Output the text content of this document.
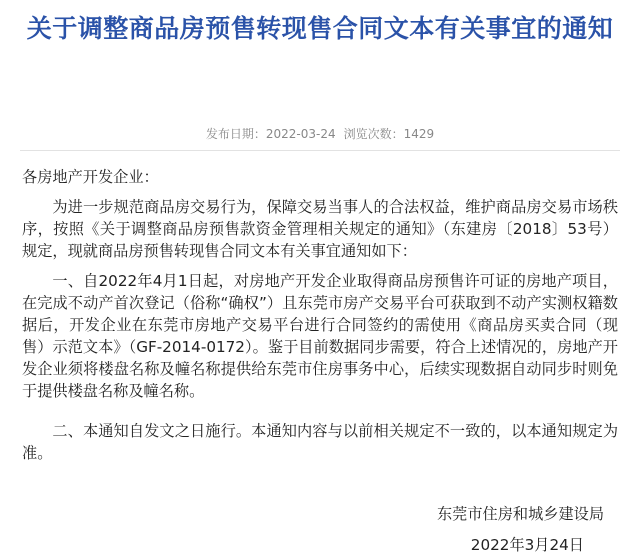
关于调整商品房预售转现售合同文本有关事宜的通知
发布日期：2022-03-24 浏览次数：1429
各房地产开发企业：
为进一步规范商品房交易行为，保障交易当事人的合法权益，维护商品房交易市场秩序，按照《关于调整商品房预售款资金管理相关规定的通知》（东建房〔2018〕53号）规定，现就商品房预售转现售合同文本有关事宜通知如下：
一、自2022年4月1日起，对房地产开发企业取得商品房预售许可证的房地产项目，在完成不动产首次登记（俗称“确权”）且东莞市房产交易平台可获取到不动产实测权籍数据后，开发企业在东莞市房地产交易平台进行合同签约的需使用《商品房买卖合同（现售）示范文本》（GF-2014-0172）。鉴于目前数据同步需要，符合上述情况的，房地产开发企业须将楼盘名称及幢名称提供给东莞市住房事务中心，后续实现数据自动同步时则免于提供楼盘名称及幢名称。
二、本通知自发文之日施行。本通知内容与以前相关规定不一致的，以本通知规定为准。
东莞市住房和城乡建设局
2022年3月24日
